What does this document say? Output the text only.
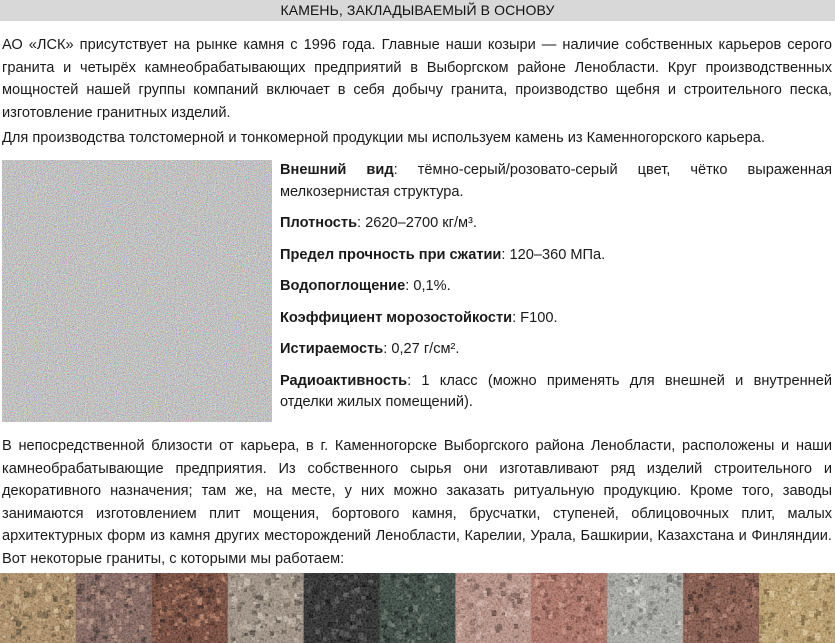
КАМЕНЬ, ЗАКЛАДЫВАЕМЫЙ В ОСНОВУ

АО «ЛСК» присутствует на рынке камня с 1996 года. Главные наши козыри — наличие собственных карьеров серого гранита и четырёх камнеобрабатывающих предприятий в Выборгском районе Ленобласти. Круг производственных мощностей нашей группы компаний включает в себя добычу гранита, производство щебня и строительного песка, изготовление гранитных изделий.

Для производства толстомерной и тонкомерной продукции мы используем камень из Каменногорского карьера.

Внешний вид: тёмно-серый/розовато-серый цвет, чётко выраженная мелкозернистая структура.

Плотность: 2620–2700 кг/м³.

Предел прочность при сжатии: 120–360 МПа.

Водопоглощение: 0,1%.

Коэффициент морозостойкости: F100.

Истираемость: 0,27 г/см².

Радиоактивность: 1 класс (можно применять для внешней и внутренней отделки жилых помещений).

В непосредственной близости от карьера, в г. Каменногорске Выборгского района Ленобласти, расположены и наши камнеобрабатывающие предприятия. Из собственного сырья они изготавливают ряд изделий строительного и декоративного назначения; там же, на месте, у них можно заказать ритуальную продукцию. Кроме того, заводы занимаются изготовлением плит мощения, бортового камня, брусчатки, ступеней, облицовочных плит, малых архитектурных форм из камня других месторождений Ленобласти, Карелии, Урала, Башкирии, Казахстана и Финляндии. Вот некоторые граниты, с которыми мы работаем:
